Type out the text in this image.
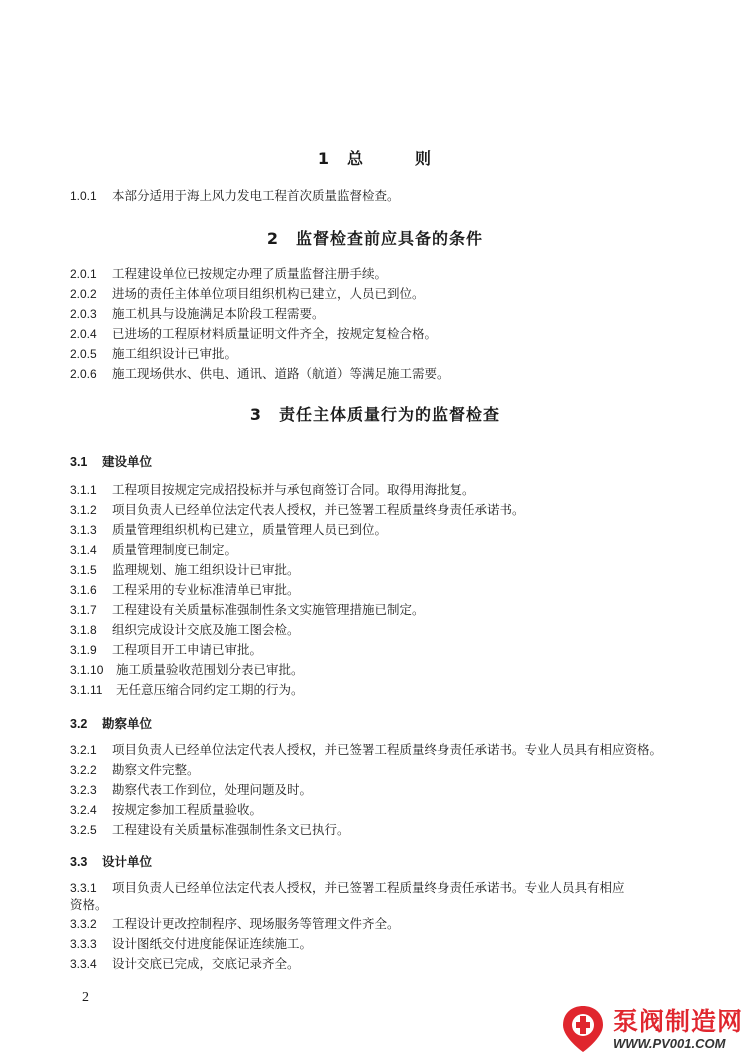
1　总　　　则
1.0.1 本部分适用于海上风力发电工程首次质量监督检查。
2　监督检查前应具备的条件
2.0.1 工程建设单位已按规定办理了质量监督注册手续。
2.0.2 进场的责任主体单位项目组织机构已建立，人员已到位。
2.0.3 施工机具与设施满足本阶段工程需要。
2.0.4 已进场的工程原材料质量证明文件齐全，按规定复检合格。
2.0.5 施工组织设计已审批。
2.0.6 施工现场供水、供电、通讯、道路（航道）等满足施工需要。
3　责任主体质量行为的监督检查
3.1 建设单位
3.1.1 工程项目按规定完成招投标并与承包商签订合同。取得用海批复。
3.1.2 项目负责人已经单位法定代表人授权，并已签署工程质量终身责任承诺书。
3.1.3 质量管理组织机构已建立，质量管理人员已到位。
3.1.4 质量管理制度已制定。
3.1.5 监理规划、施工组织设计已审批。
3.1.6 工程采用的专业标准清单已审批。
3.1.7 工程建设有关质量标准强制性条文实施管理措施已制定。
3.1.8 组织完成设计交底及施工图会检。
3.1.9 工程项目开工申请已审批。
3.1.10 施工质量验收范围划分表已审批。
3.1.11 无任意压缩合同约定工期的行为。
3.2 勘察单位
3.2.1 项目负责人已经单位法定代表人授权，并已签署工程质量终身责任承诺书。专业人员具有相应资格。
3.2.2 勘察文件完整。
3.2.3 勘察代表工作到位，处理问题及时。
3.2.4 按规定参加工程质量验收。
3.2.5 工程建设有关质量标准强制性条文已执行。
3.3 设计单位
3.3.1 项目负责人已经单位法定代表人授权，并已签署工程质量终身责任承诺书。专业人员具有相应
资格。
3.3.2 工程设计更改控制程序、现场服务等管理文件齐全。
3.3.3 设计图纸交付进度能保证连续施工。
3.3.4 设计交底已完成，交底记录齐全。
2
泵阀制造网
WWW.PV001.COM
